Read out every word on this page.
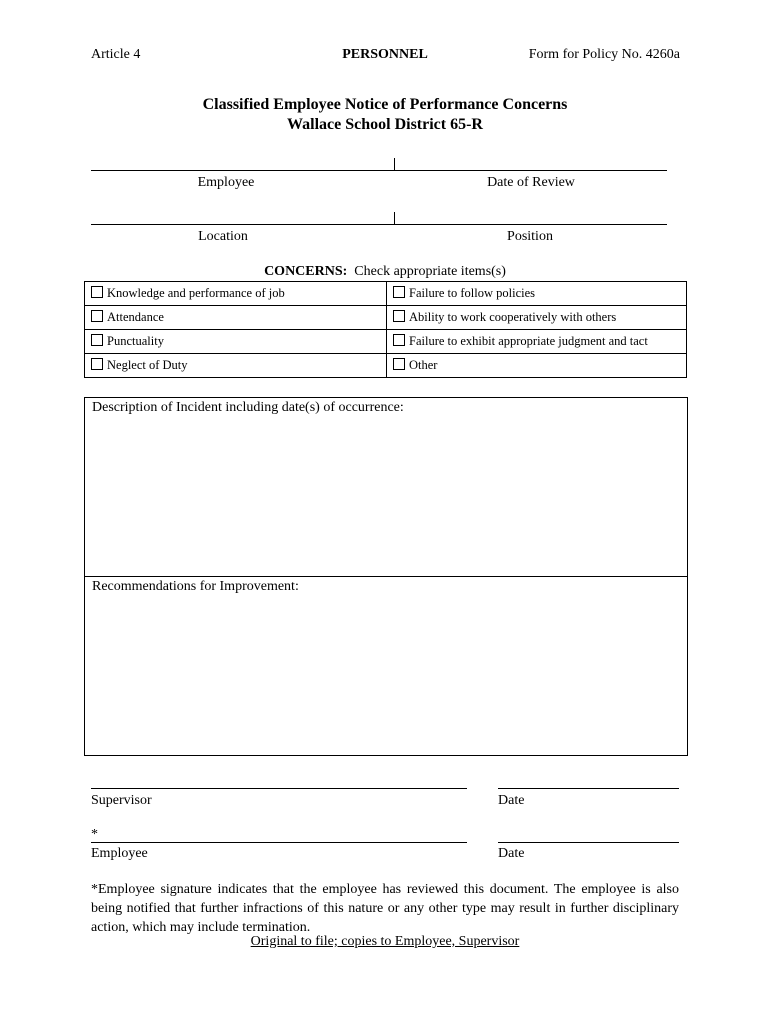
Article 4	PERSONNEL	Form for Policy No. 4260a
Classified Employee Notice of Performance Concerns
Wallace School District 65-R
Employee	Date of Review
Location	Position
CONCERNS: Check appropriate items(s)
Knowledge and performance of job	Failure to follow policies
Attendance	Ability to work cooperatively with others
Punctuality	Failure to exhibit appropriate judgment and tact
Neglect of Duty	Other
Description of Incident including date(s) of occurrence:
Recommendations for Improvement:
Supervisor	Date
*
Employee	Date
*Employee signature indicates that the employee has reviewed this document. The employee is also being notified that further infractions of this nature or any other type may result in further disciplinary action, which may include termination.
Original to file; copies to Employee, Supervisor
